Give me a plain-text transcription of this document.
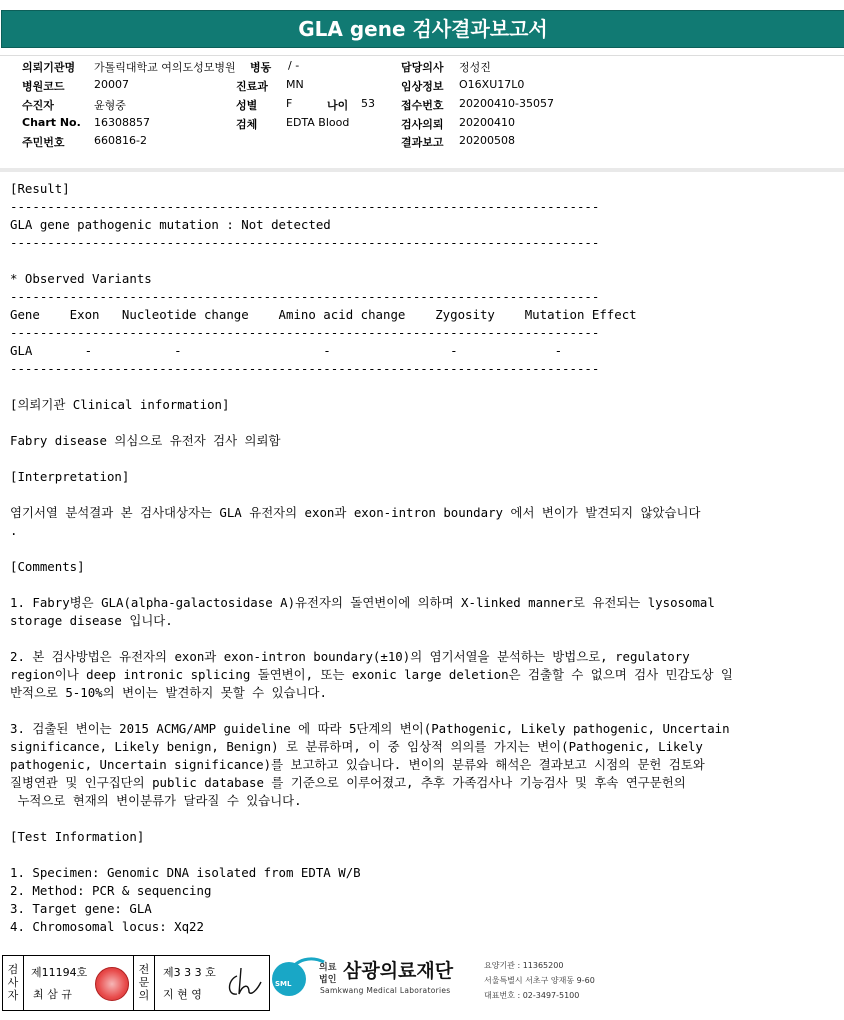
GLA gene 검사결과보고서
의뢰기관명 가톨릭대학교 여의도성모병원 병동 / -	담당의사 정성진
병원코드	20007	진료과 MN	임상정보 O16XU17L0
수진자	윤형중	성별	F	나이 53 접수번호 20200410-35057
Chart No. 16308857	검체	EDTA Blood	검사의뢰 20200410
주민번호	660816-2	결과보고 20200508
[Result]
-------------------------------------------------------------------------------
GLA gene pathogenic mutation : Not detected
-------------------------------------------------------------------------------
* Observed Variants
-------------------------------------------------------------------------------
Gene    Exon   Nucleotide change    Amino acid change    Zygosity    Mutation Effect
-------------------------------------------------------------------------------
GLA       -           -                   -                -             -
-------------------------------------------------------------------------------
[의뢰기관 Clinical information]
Fabry disease 의심으로 유전자 검사 의뢰함
[Interpretation]
염기서열 분석결과 본 검사대상자는 GLA 유전자의 exon과 exon-intron boundary 에서 변이가 발견되지 않았습니다
.
[Comments]
1. Fabry병은 GLA(alpha-galactosidase A)유전자의 돌연변이에 의하며 X-linked manner로 유전되는 lysosomal
storage disease 입니다.
2. 본 검사방법은 유전자의 exon과 exon-intron boundary(±10)의 염기서열을 분석하는 방법으로, regulatory
region이나 deep intronic splicing 돌연변이, 또는 exonic large deletion은 검출할 수 없으며 검사 민감도상 일
반적으로 5-10%의 변이는 발견하지 못할 수 있습니다.
3. 검출된 변이는 2015 ACMG/AMP guideline 에 따라 5단계의 변이(Pathogenic, Likely pathogenic, Uncertain
significance, Likely benign, Benign) 로 분류하며, 이 중 임상적 의의를 가지는 변이(Pathogenic, Likely
pathogenic, Uncertain significance)를 보고하고 있습니다. 변이의 분류와 해석은 결과보고 시점의 문헌 검토와
질병연관 및 인구집단의 public database 를 기준으로 이루어졌고, 추후 가족검사나 기능검사 및 후속 연구문헌의
누적으로 현재의 변이분류가 달라질 수 있습니다.
[Test Information]
1. Specimen: Genomic DNA isolated from EDTA W/B
2. Method: PCR & sequencing
3. Target gene: GLA
4. Chromosomal locus: Xq22
검
사
자
제11194호
최 삼 규
전
문
의
제3 3 3 호
지 현 영
SML
의료
법인 삼광의료재단
Samkwang Medical Laboratories
요양기관 : 11365200
서울특별시 서초구 양재동 9-60
대표번호 : 02-3497-5100
